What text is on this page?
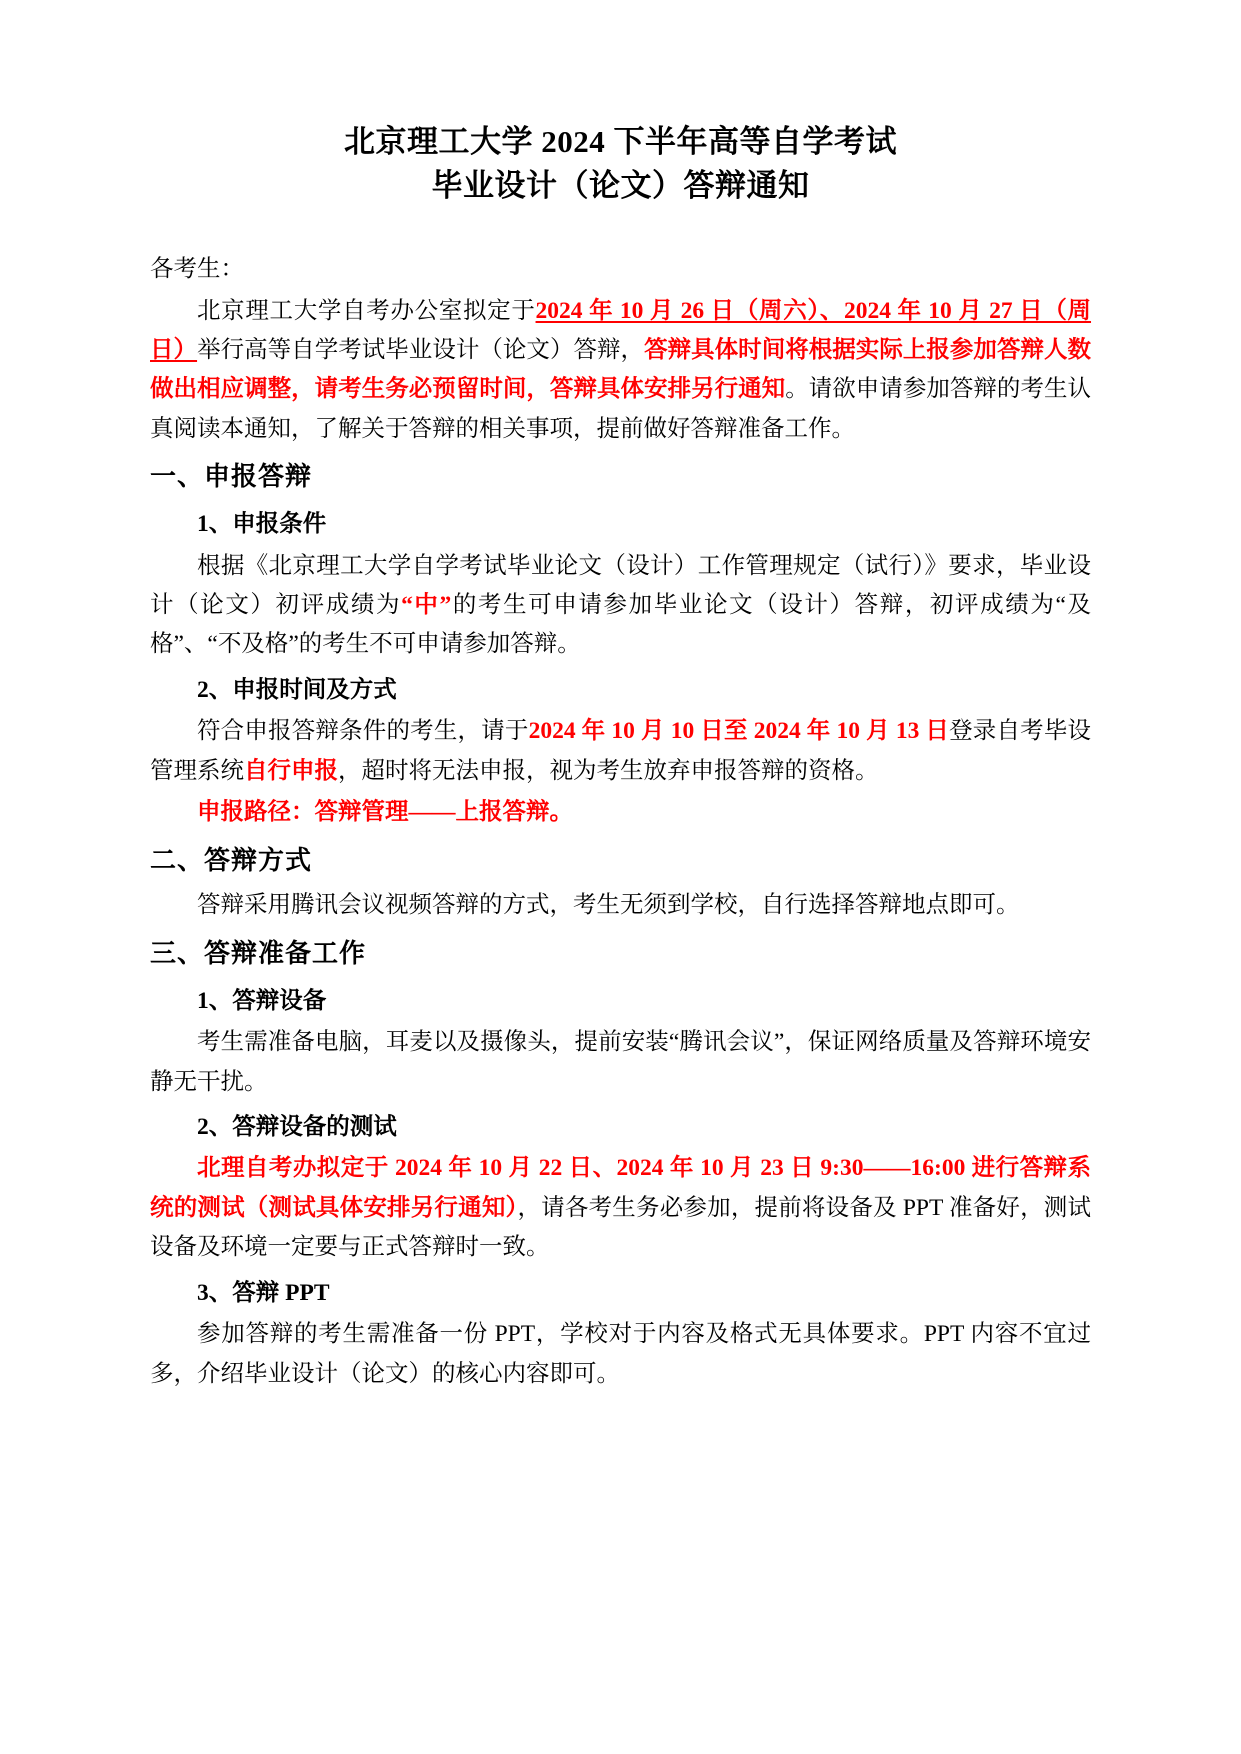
北京理工大学 2024 下半年高等自学考试
毕业设计（论文）答辩通知

各考生：

北京理工大学自考办公室拟定于2024 年 10 月 26 日（周六）、2024 年 10 月 27 日（周日）举行高等自学考试毕业设计（论文）答辩，答辩具体时间将根据实际上报参加答辩人数做出相应调整，请考生务必预留时间，答辩具体安排另行通知。请欲申请参加答辩的考生认真阅读本通知，了解关于答辩的相关事项，提前做好答辩准备工作。

一、申报答辩

1、申报条件

根据《北京理工大学自学考试毕业论文（设计）工作管理规定（试行）》要求，毕业设计（论文）初评成绩为“中”的考生可申请参加毕业论文（设计）答辩，初评成绩为“及格”、“不及格”的考生不可申请参加答辩。

2、申报时间及方式

符合申报答辩条件的考生，请于2024 年 10 月 10 日至 2024 年 10 月 13 日登录自考毕设管理系统自行申报，超时将无法申报，视为考生放弃申报答辩的资格。

申报路径：答辩管理——上报答辩。

二、答辩方式

答辩采用腾讯会议视频答辩的方式，考生无须到学校，自行选择答辩地点即可。

三、答辩准备工作

1、答辩设备

考生需准备电脑，耳麦以及摄像头，提前安装“腾讯会议”，保证网络质量及答辩环境安静无干扰。

2、答辩设备的测试

北理自考办拟定于 2024 年 10 月 22 日、2024 年 10 月 23 日 9:30——16:00 进行答辩系统的测试（测试具体安排另行通知），请各考生务必参加，提前将设备及 PPT 准备好，测试设备及环境一定要与正式答辩时一致。

3、答辩 PPT

参加答辩的考生需准备一份 PPT，学校对于内容及格式无具体要求。PPT 内容不宜过多，介绍毕业设计（论文）的核心内容即可。
